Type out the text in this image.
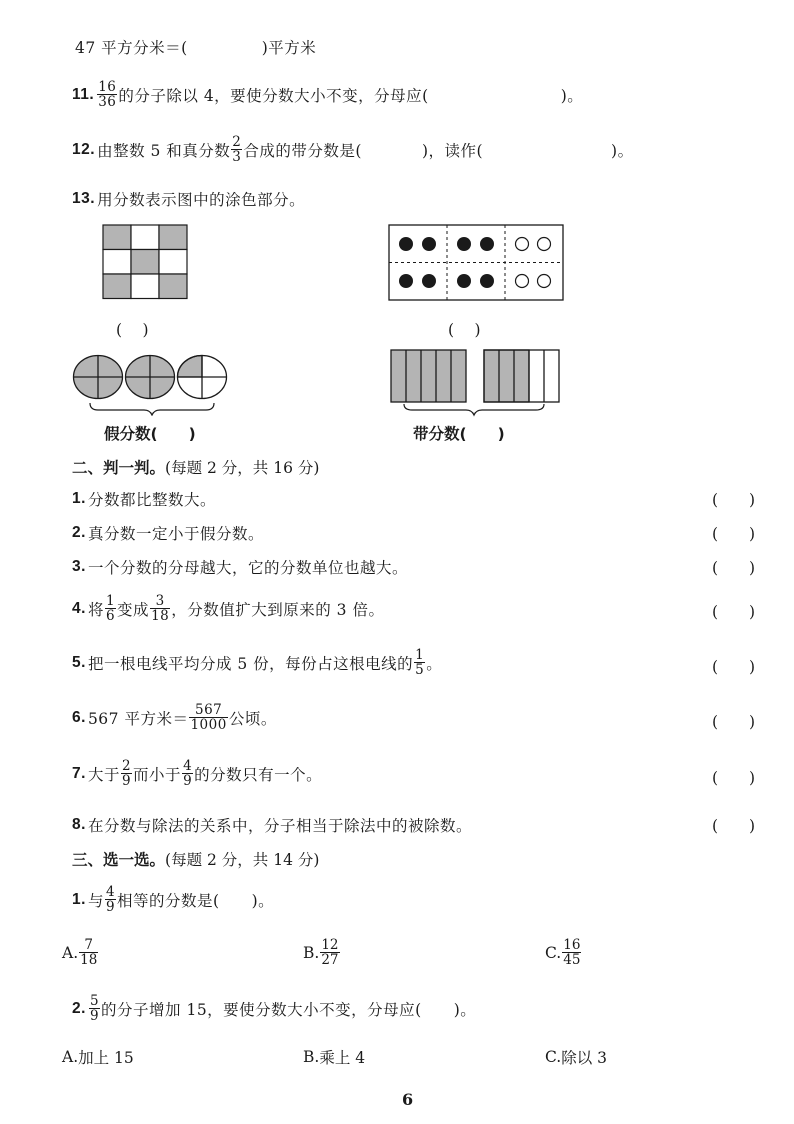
47 平方分米＝(	)平方米
11. 16
36 的分子除以 4，要使分数大小不变，分母应(	)。
12. 由整数 5 和真分数 2
3 合成的带分数是(	)，读作(	)。
13. 用分数表示图中的涂色部分。
(　 )	(　 )
假分数(　　)	带分数(　　)
二、判一判。(每题 2 分，共 16 分)
1. 分数都比整数大。	(　　)
2. 真分数一定小于假分数。	(　　)
3. 一个分数的分母越大，它的分数单位也越大。	(　　)
4. 将 1
6 变成 3
18 ，分数值扩大到原来的 3 倍。	(　　)
5. 把一根电线平均分成 5 份，每份占这根电线的 1
5 。	(　　)
6. 567 平方米＝ 567
1000 公顷。	(　　)
7. 大于 2
9 而小于 4
9 的分数只有一个。	(　　)
8. 在分数与除法的关系中，分子相当于除法中的被除数。	(　　)
三、选一选。(每题 2 分，共 14 分)
1. 与 4
9 相等的分数是(　　)。
A. 7
18	B. 12
27	C. 16
45
2. 5
9 的分子增加 15，要使分数大小不变，分母应(　　)。
A. 加上 15	B. 乘上 4	C. 除以 3
6
